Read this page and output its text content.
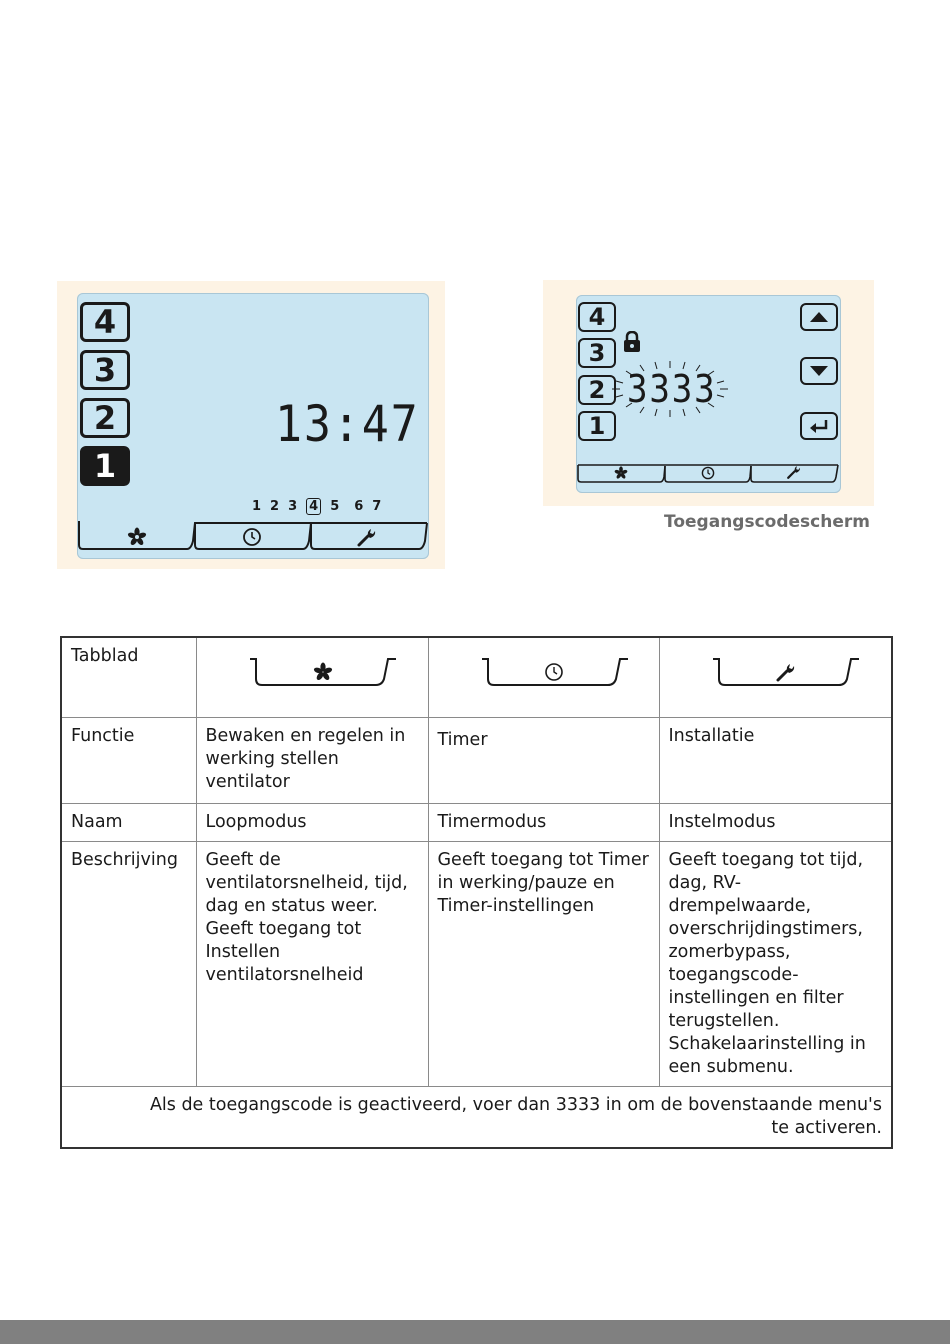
4
3
2
1
13:47
1 2 3 4 5 6 7
4
3
2
1
3333
Toegangscodescherm
Tabblad			
Functie	Bewaken en regelen in werking stellen ventilator	Timer	Installatie
Naam	Loopmodus	Timermodus	Instelmodus
Beschrijving	Geeft de ventilatorsnelheid, tijd, dag en status weer. Geeft toegang tot Instellen ventilatorsnelheid	Geeft toegang tot Timer in werking/pauze en Timer-instellingen	Geeft toegang tot tijd, dag, RV-drempelwaarde, overschrijdingstimers, zomerbypass, toegangscode-instellingen en filter terugstellen. Schakelaarinstelling in een submenu.
Als de toegangscode is geactiveerd, voer dan 3333 in om de bovenstaande menu's te activeren.			
